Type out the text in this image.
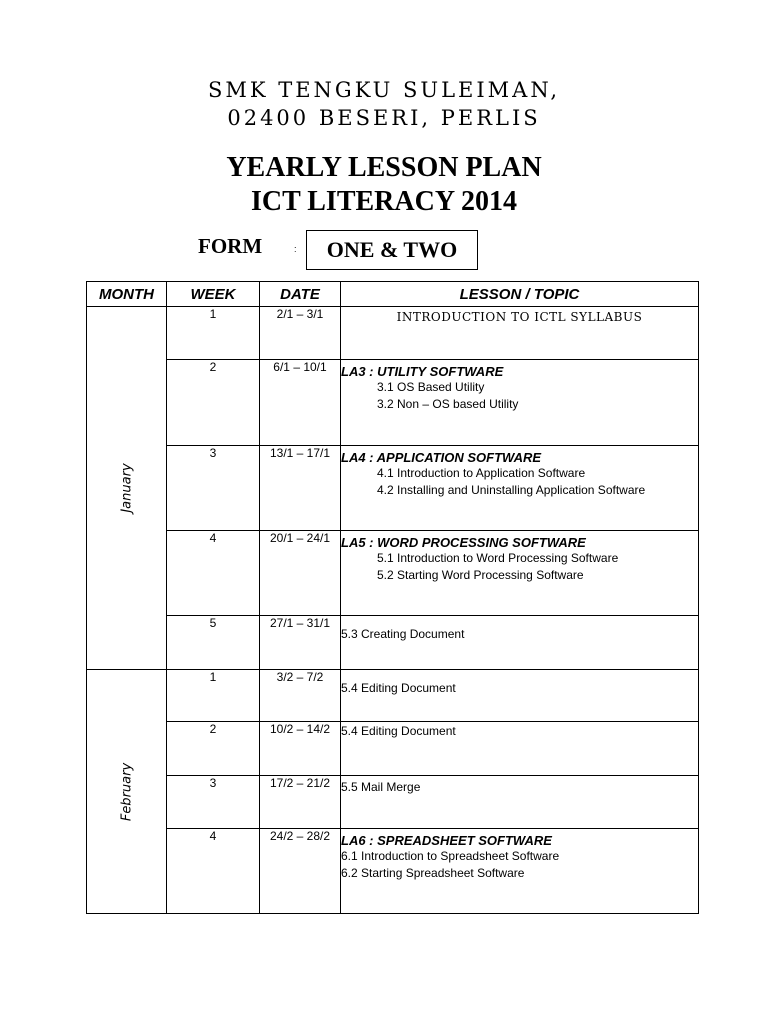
SMK TENGKU SULEIMAN,
02400 BESERI, PERLIS
YEARLY LESSON PLAN
ICT LITERACY 2014
FORM	:	ONE & TWO
MONTH	WEEK	DATE	LESSON / TOPIC

January	1	2/1 – 3/1	INTRODUCTION TO ICTL SYLLABUS

	2	6/1 – 10/1	LA3 : UTILITY SOFTWARE
3.1 OS Based Utility
3.2 Non – OS based Utility

	3	13/1 – 17/1	LA4 : APPLICATION SOFTWARE
4.1 Introduction to Application Software
4.2 Installing and Uninstalling Application Software

	4	20/1 – 24/1	LA5 : WORD PROCESSING SOFTWARE
5.1 Introduction to Word Processing Software
5.2 Starting Word Processing Software

	5	27/1 – 31/1	5.3 Creating Document

February	1	3/2 – 7/2	5.4 Editing Document

	2	10/2 – 14/2	5.4 Editing Document

	3	17/2 – 21/2	5.5 Mail Merge

	4	24/2 – 28/2	LA6 : SPREADSHEET SOFTWARE
6.1 Introduction to Spreadsheet Software
6.2 Starting Spreadsheet Software
